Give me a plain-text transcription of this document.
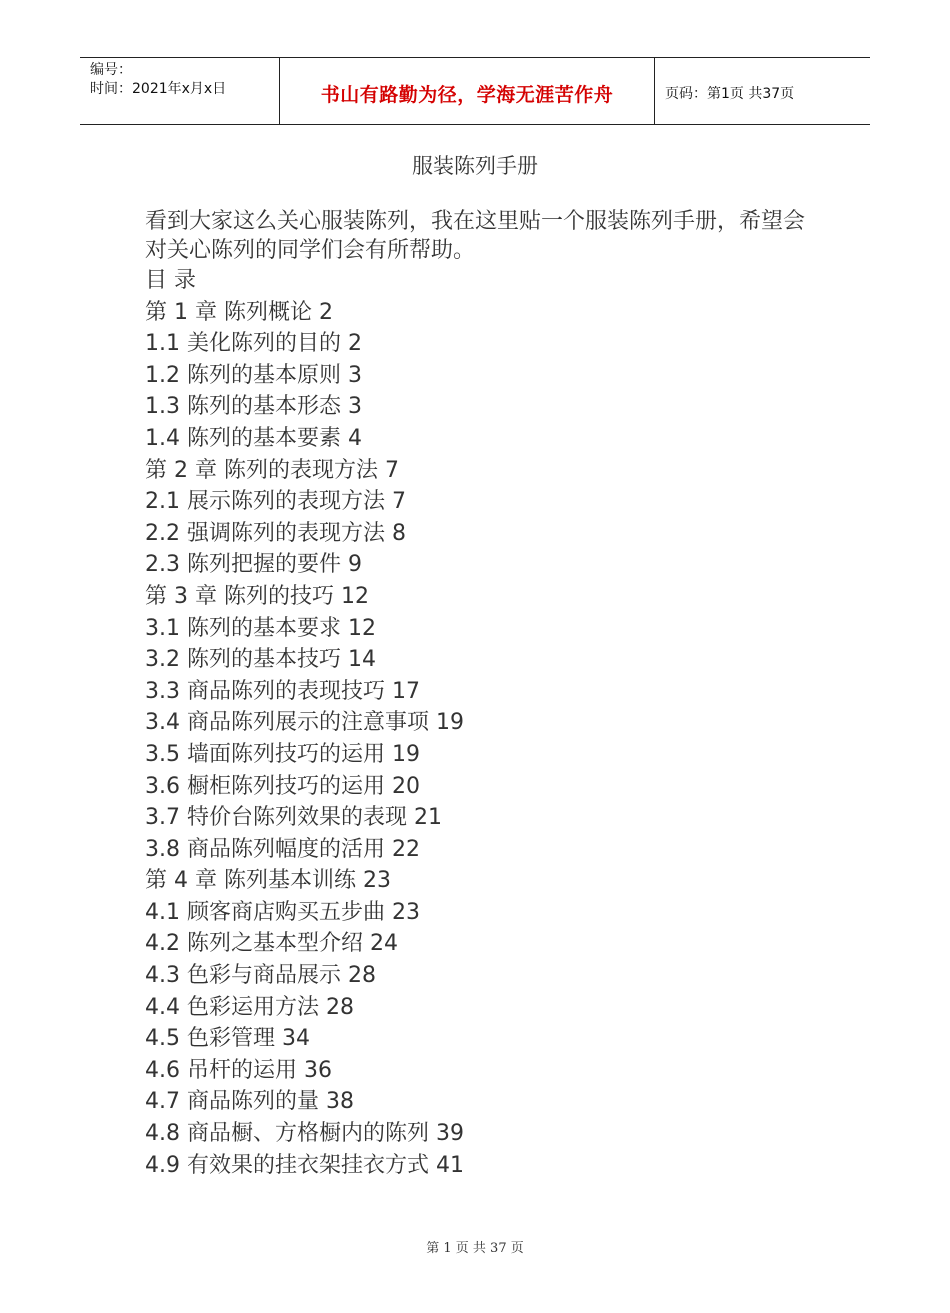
编号：
时间：2021年x月x日	书山有路勤为径，学海无涯苦作舟	页码：第1页 共37页
服装陈列手册
看到大家这么关心服装陈列，我在这里贴一个服装陈列手册，希望会对关心陈列的同学们会有所帮助。
目 录
第 1 章 陈列概论 2
1.1 美化陈列的目的 2
1.2 陈列的基本原则 3
1.3 陈列的基本形态 3
1.4 陈列的基本要素 4
第 2 章 陈列的表现方法 7
2.1 展示陈列的表现方法 7
2.2 强调陈列的表现方法 8
2.3 陈列把握的要件 9
第 3 章 陈列的技巧 12
3.1 陈列的基本要求 12
3.2 陈列的基本技巧 14
3.3 商品陈列的表现技巧 17
3.4 商品陈列展示的注意事项 19
3.5 墙面陈列技巧的运用 19
3.6 橱柜陈列技巧的运用 20
3.7 特价台陈列效果的表现 21
3.8 商品陈列幅度的活用 22
第 4 章 陈列基本训练 23
4.1 顾客商店购买五步曲 23
4.2 陈列之基本型介绍 24
4.3 色彩与商品展示 28
4.4 色彩运用方法 28
4.5 色彩管理 34
4.6 吊杆的运用 36
4.7 商品陈列的量 38
4.8 商品橱、方格橱内的陈列 39
4.9 有效果的挂衣架挂衣方式 41
第 1 页 共 37 页
